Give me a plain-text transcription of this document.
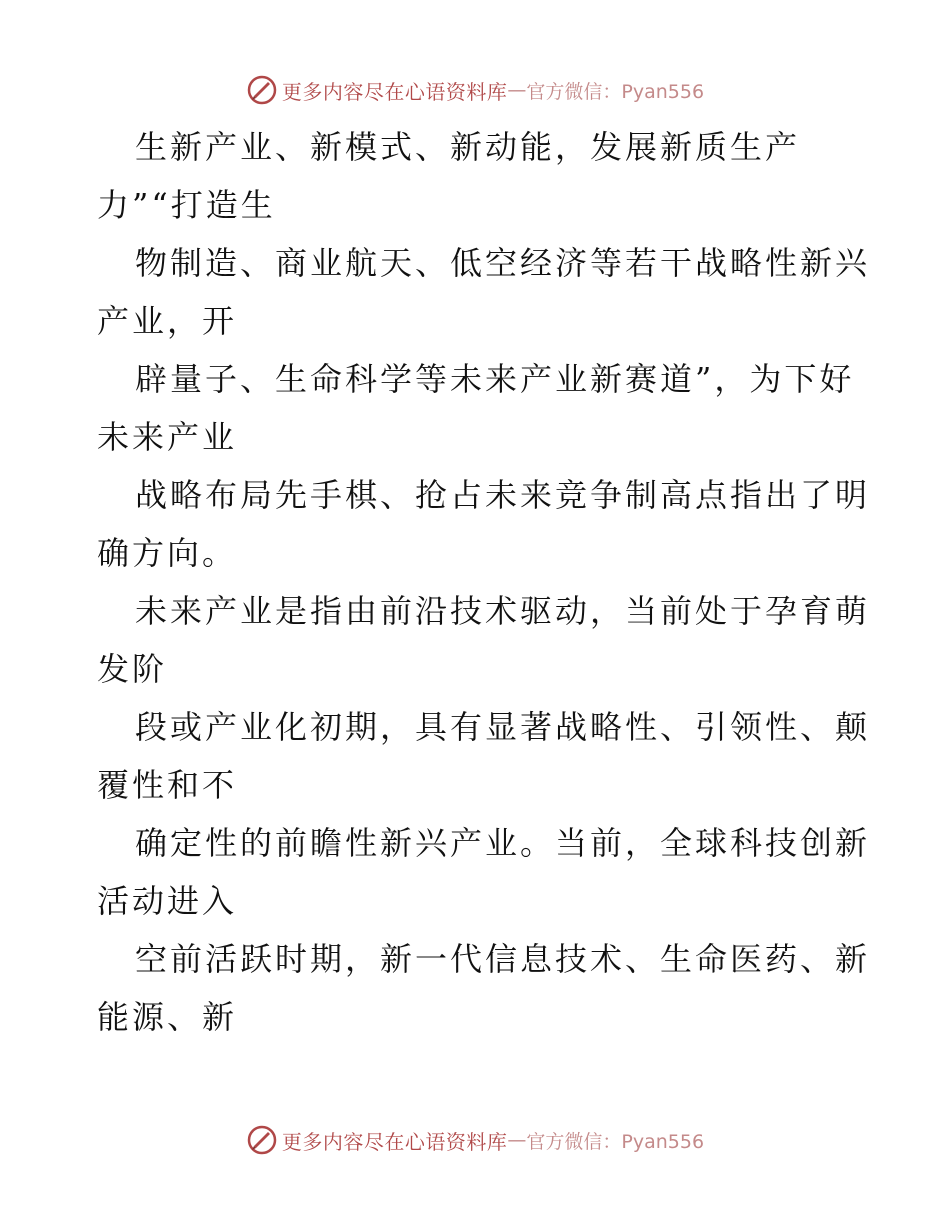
更多内容尽在心语资料库 — 官方微信：Pyan556
生新产业、新模式、新动能，发展新质生产
力”“打造生
物制造、商业航天、低空经济等若干战略性新兴
产业，开
辟量子、生命科学等未来产业新赛道”，为下好
未来产业
战略布局先手棋、抢占未来竞争制高点指出了明
确方向。
未来产业是指由前沿技术驱动，当前处于孕育萌
发阶
段或产业化初期，具有显著战略性、引领性、颠
覆性和不
确定性的前瞻性新兴产业。当前，全球科技创新
活动进入
空前活跃时期，新一代信息技术、生命医药、新
能源、新
更多内容尽在心语资料库 — 官方微信：Pyan556
